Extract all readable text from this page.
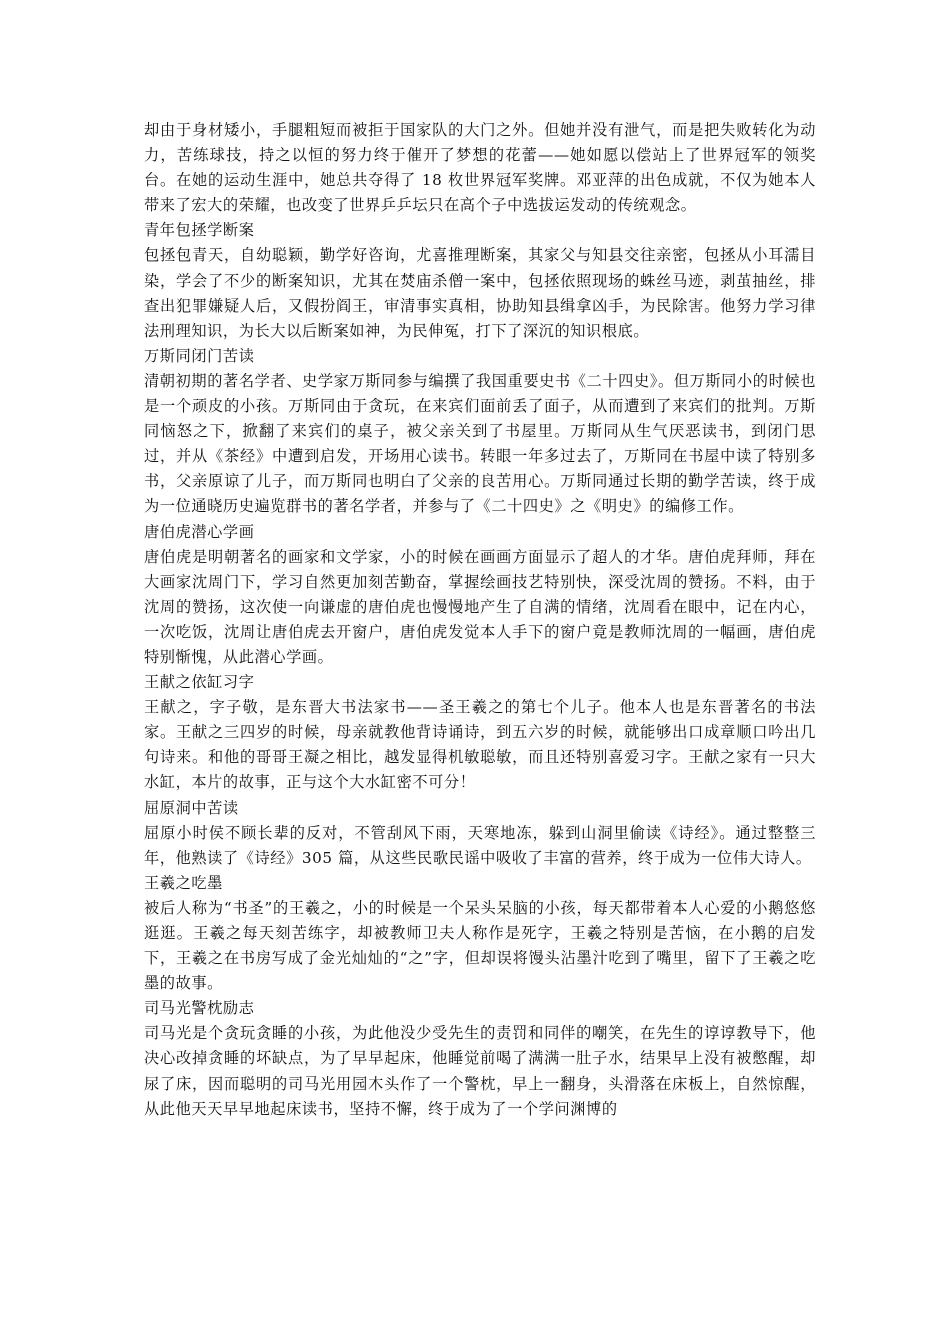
却由于身材矮小，手腿粗短而被拒于国家队的大门之外。但她并没有泄气，而是把失败转化为动力，苦练球技，持之以恒的努力终于催开了梦想的花蕾——她如愿以偿站上了世界冠军的领奖台。在她的运动生涯中，她总共夺得了 18 枚世界冠军奖牌。邓亚萍的出色成就，不仅为她本人带来了宏大的荣耀，也改变了世界乒乒坛只在高个子中选拔运发动的传统观念。

青年包拯学断案

包拯包青天，自幼聪颖，勤学好咨询，尤喜推理断案，其家父与知县交往亲密，包拯从小耳濡目染，学会了不少的断案知识，尤其在焚庙杀僧一案中，包拯依照现场的蛛丝马迹，剥茧抽丝，排查出犯罪嫌疑人后，又假扮阎王，审清事实真相，协助知县缉拿凶手，为民除害。他努力学习律法刑理知识，为长大以后断案如神，为民伸冤，打下了深沉的知识根底。

万斯同闭门苦读

清朝初期的著名学者、史学家万斯同参与编撰了我国重要史书《二十四史》。但万斯同小的时候也是一个顽皮的小孩。万斯同由于贪玩，在来宾们面前丢了面子，从而遭到了来宾们的批判。万斯同恼怒之下，掀翻了来宾们的桌子，被父亲关到了书屋里。万斯同从生气厌恶读书，到闭门思过，并从《茶经》中遭到启发，开场用心读书。转眼一年多过去了，万斯同在书屋中读了特别多书，父亲原谅了儿子，而万斯同也明白了父亲的良苦用心。万斯同通过长期的勤学苦读，终于成为一位通晓历史遍览群书的著名学者，并参与了《二十四史》之《明史》的编修工作。

唐伯虎潜心学画

唐伯虎是明朝著名的画家和文学家，小的时候在画画方面显示了超人的才华。唐伯虎拜师，拜在大画家沈周门下，学习自然更加刻苦勤奋，掌握绘画技艺特别快，深受沈周的赞扬。不料，由于沈周的赞扬，这次使一向谦虚的唐伯虎也慢慢地产生了自满的情绪，沈周看在眼中，记在内心，一次吃饭，沈周让唐伯虎去开窗户，唐伯虎发觉本人手下的窗户竟是教师沈周的一幅画，唐伯虎特别惭愧，从此潜心学画。

王献之依缸习字

王献之，字子敬，是东晋大书法家书——圣王羲之的第七个儿子。他本人也是东晋著名的书法家。王献之三四岁的时候，母亲就教他背诗诵诗，到五六岁的时候，就能够出口成章顺口吟出几句诗来。和他的哥哥王凝之相比，越发显得机敏聪敏，而且还特别喜爱习字。王献之家有一只大水缸，本片的故事，正与这个大水缸密不可分！

屈原洞中苦读

屈原小时侯不顾长辈的反对，不管刮风下雨，天寒地冻，躲到山洞里偷读《诗经》。通过整整三年，他熟读了《诗经》305 篇，从这些民歌民谣中吸收了丰富的营养，终于成为一位伟大诗人。

王羲之吃墨

被后人称为“书圣”的王羲之，小的时候是一个呆头呆脑的小孩，每天都带着本人心爱的小鹅悠悠逛逛。王羲之每天刻苦练字，却被教师卫夫人称作是死字，王羲之特别是苦恼，在小鹅的启发下，王羲之在书房写成了金光灿灿的“之”字，但却误将馒头沾墨汁吃到了嘴里，留下了王羲之吃墨的故事。

司马光警枕励志

司马光是个贪玩贪睡的小孩，为此他没少受先生的责罚和同伴的嘲笑，在先生的谆谆教导下，他决心改掉贪睡的坏缺点，为了早早起床，他睡觉前喝了满满一肚子水，结果早上没有被憋醒，却尿了床，因而聪明的司马光用园木头作了一个警枕，早上一翻身，头滑落在床板上，自然惊醒，从此他天天早早地起床读书，坚持不懈，终于成为了一个学问渊博的
